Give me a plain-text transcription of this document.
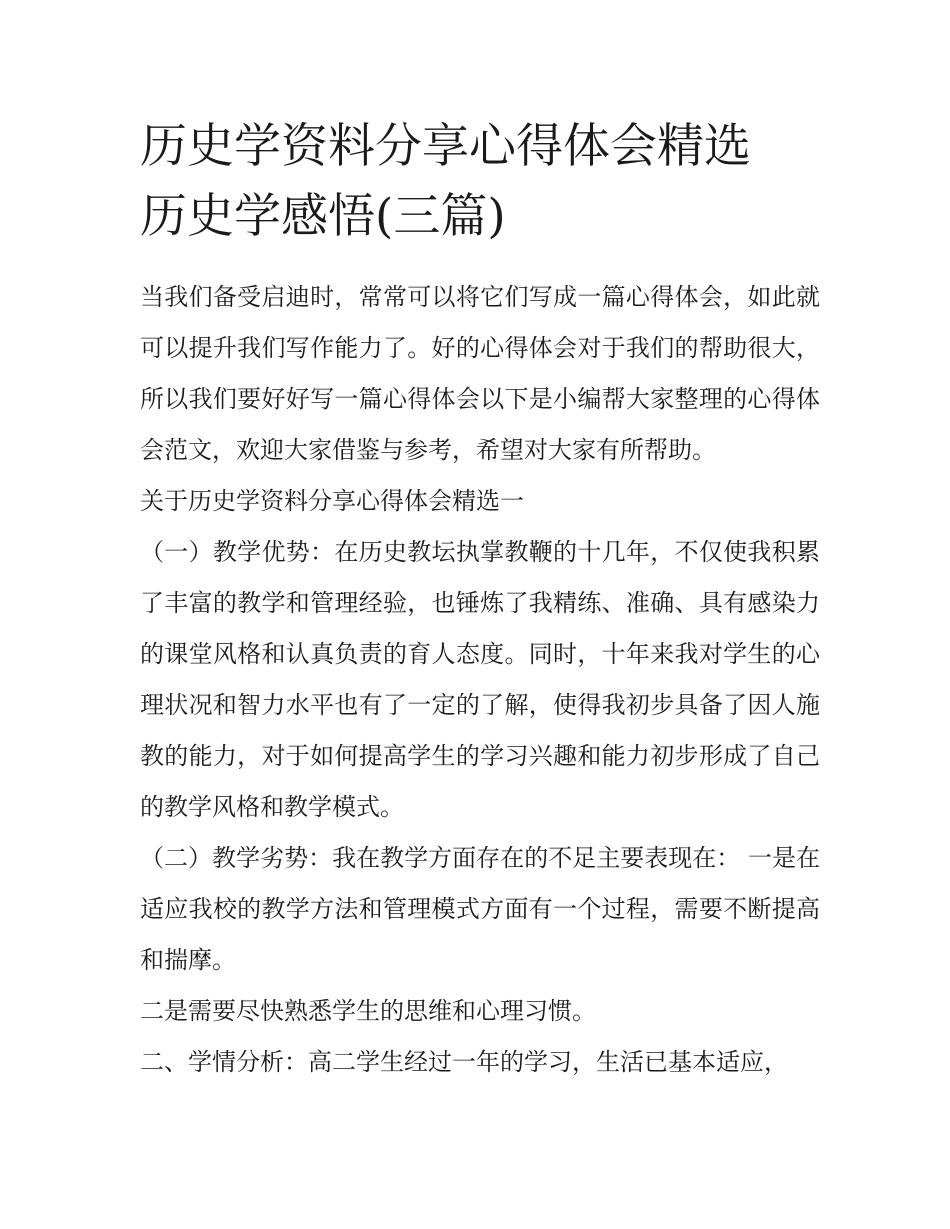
历史学资料分享心得体会精选
历史学感悟(三篇)

当我们备受启迪时，常常可以将它们写成一篇心得体会，如此就可以提升我们写作能力了。好的心得体会对于我们的帮助很大，所以我们要好好写一篇心得体会以下是小编帮大家整理的心得体会范文，欢迎大家借鉴与参考，希望对大家有所帮助。

关于历史学资料分享心得体会精选一

（一）教学优势：在历史教坛执掌教鞭的十几年，不仅使我积累了丰富的教学和管理经验，也锤炼了我精练、准确、具有感染力的课堂风格和认真负责的育人态度。同时，十年来我对学生的心理状况和智力水平也有了一定的了解，使得我初步具备了因人施教的能力，对于如何提高学生的学习兴趣和能力初步形成了自己的教学风格和教学模式。

（二）教学劣势：我在教学方面存在的不足主要表现在： 一是在适应我校的教学方法和管理模式方面有一个过程，需要不断提高和揣摩。

二是需要尽快熟悉学生的思维和心理习惯。

二、学情分析：高二学生经过一年的学习，生活已基本适应，
